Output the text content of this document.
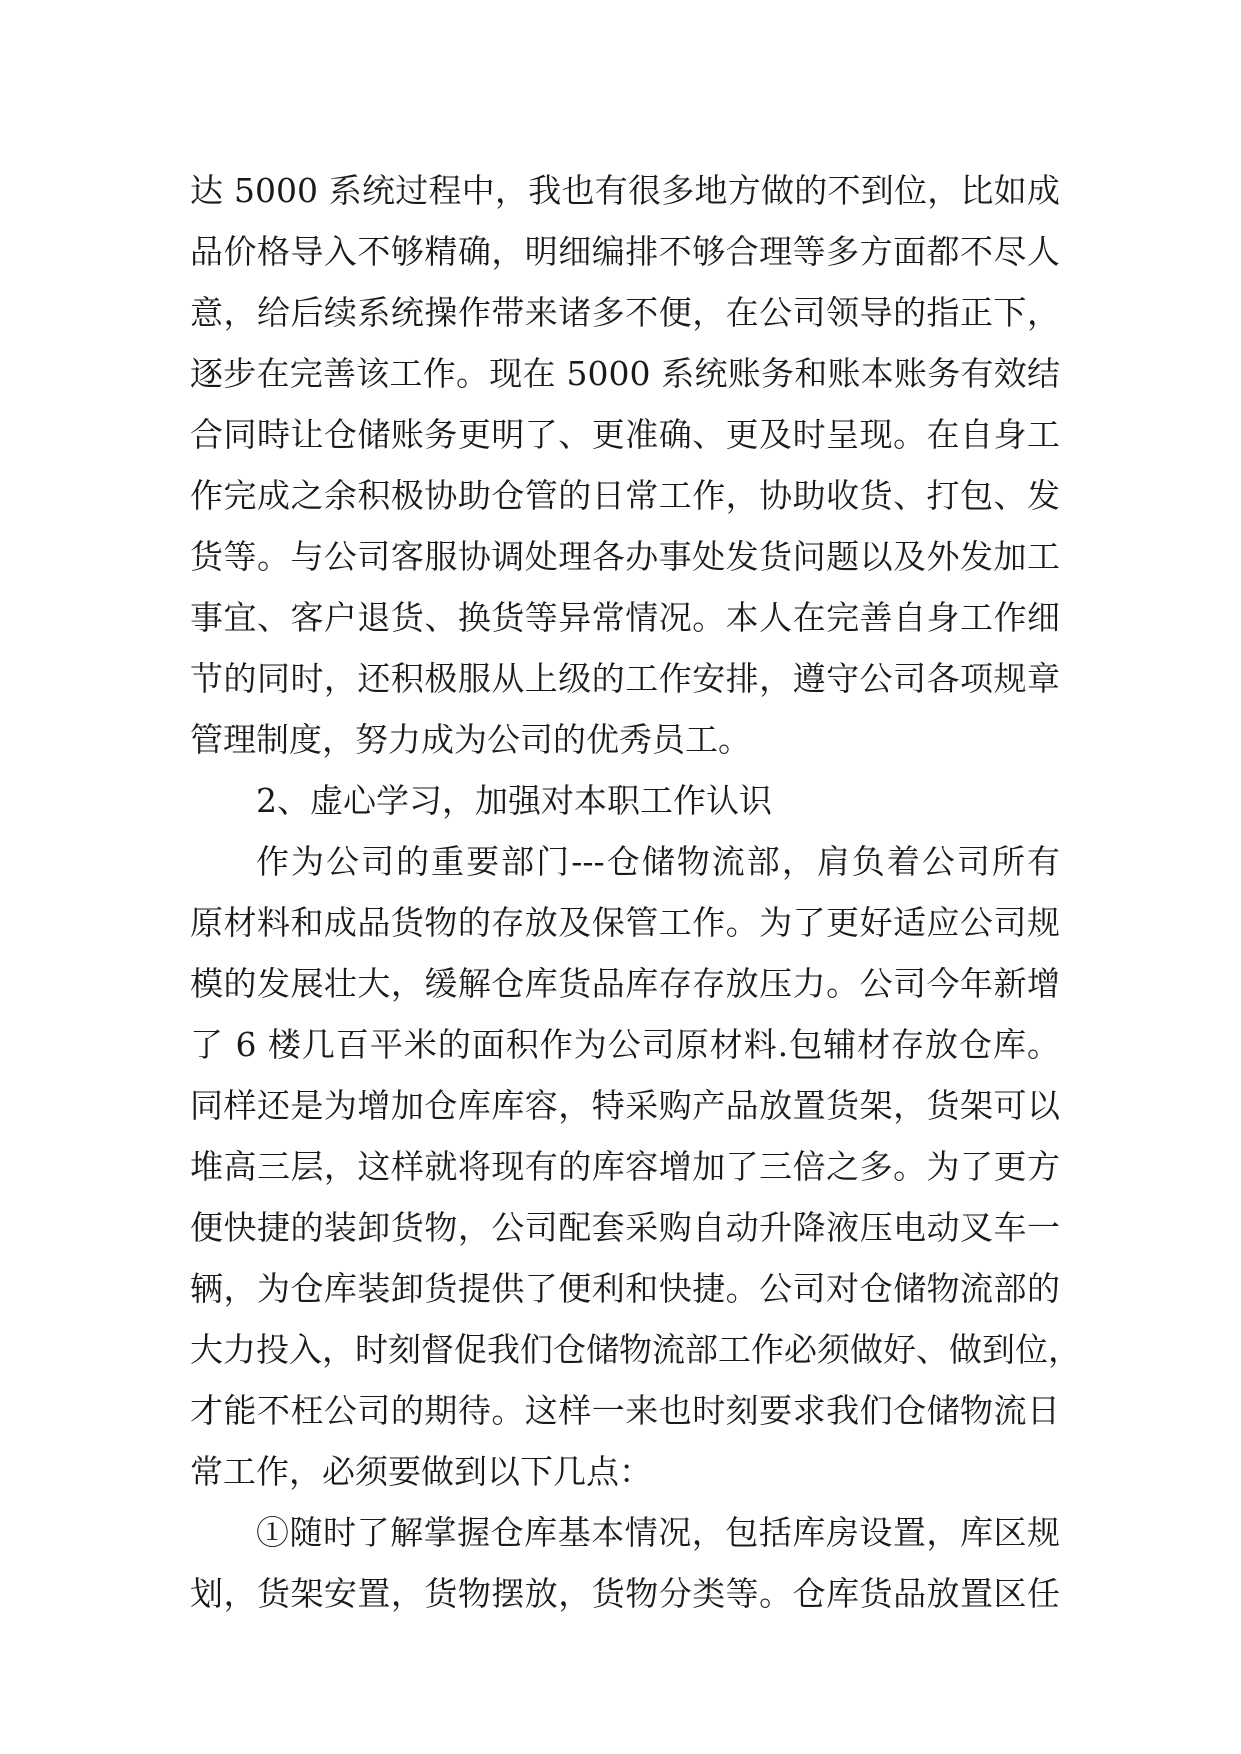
达 5000 系统过程中，我也有很多地方做的不到位，比如成
品价格导入不够精确，明细编排不够合理等多方面都不尽人
意，给后续系统操作带来诸多不便，在公司领导的指正下，
逐步在完善该工作。现在 5000 系统账务和账本账务有效结
合同時让仓储账务更明了、更准确、更及时呈现。在自身工
作完成之余积极协助仓管的日常工作，协助收货、打包、发
货等。与公司客服协调处理各办事处发货问题以及外发加工
事宜、客户退货、换货等异常情况。本人在完善自身工作细
节的同时，还积极服从上级的工作安排，遵守公司各项规章
管理制度，努力成为公司的优秀员工。
2、虚心学习，加强对本职工作认识
作为公司的重要部门---仓储物流部，肩负着公司所有
原材料和成品货物的存放及保管工作。为了更好适应公司规
模的发展壮大，缓解仓库货品库存存放压力。公司今年新增
了 6 楼几百平米的面积作为公司原材料.包辅材存放仓库。
同样还是为增加仓库库容，特采购产品放置货架，货架可以
堆高三层，这样就将现有的库容增加了三倍之多。为了更方
便快捷的装卸货物，公司配套采购自动升降液压电动叉车一
辆，为仓库装卸货提供了便利和快捷。公司对仓储物流部的
大力投入，时刻督促我们仓储物流部工作必须做好、做到位，
才能不枉公司的期待。这样一来也时刻要求我们仓储物流日
常工作，必须要做到以下几点：
①随时了解掌握仓库基本情况，包括库房设置，库区规
划，货架安置，货物摆放，货物分类等。仓库货品放置区任
